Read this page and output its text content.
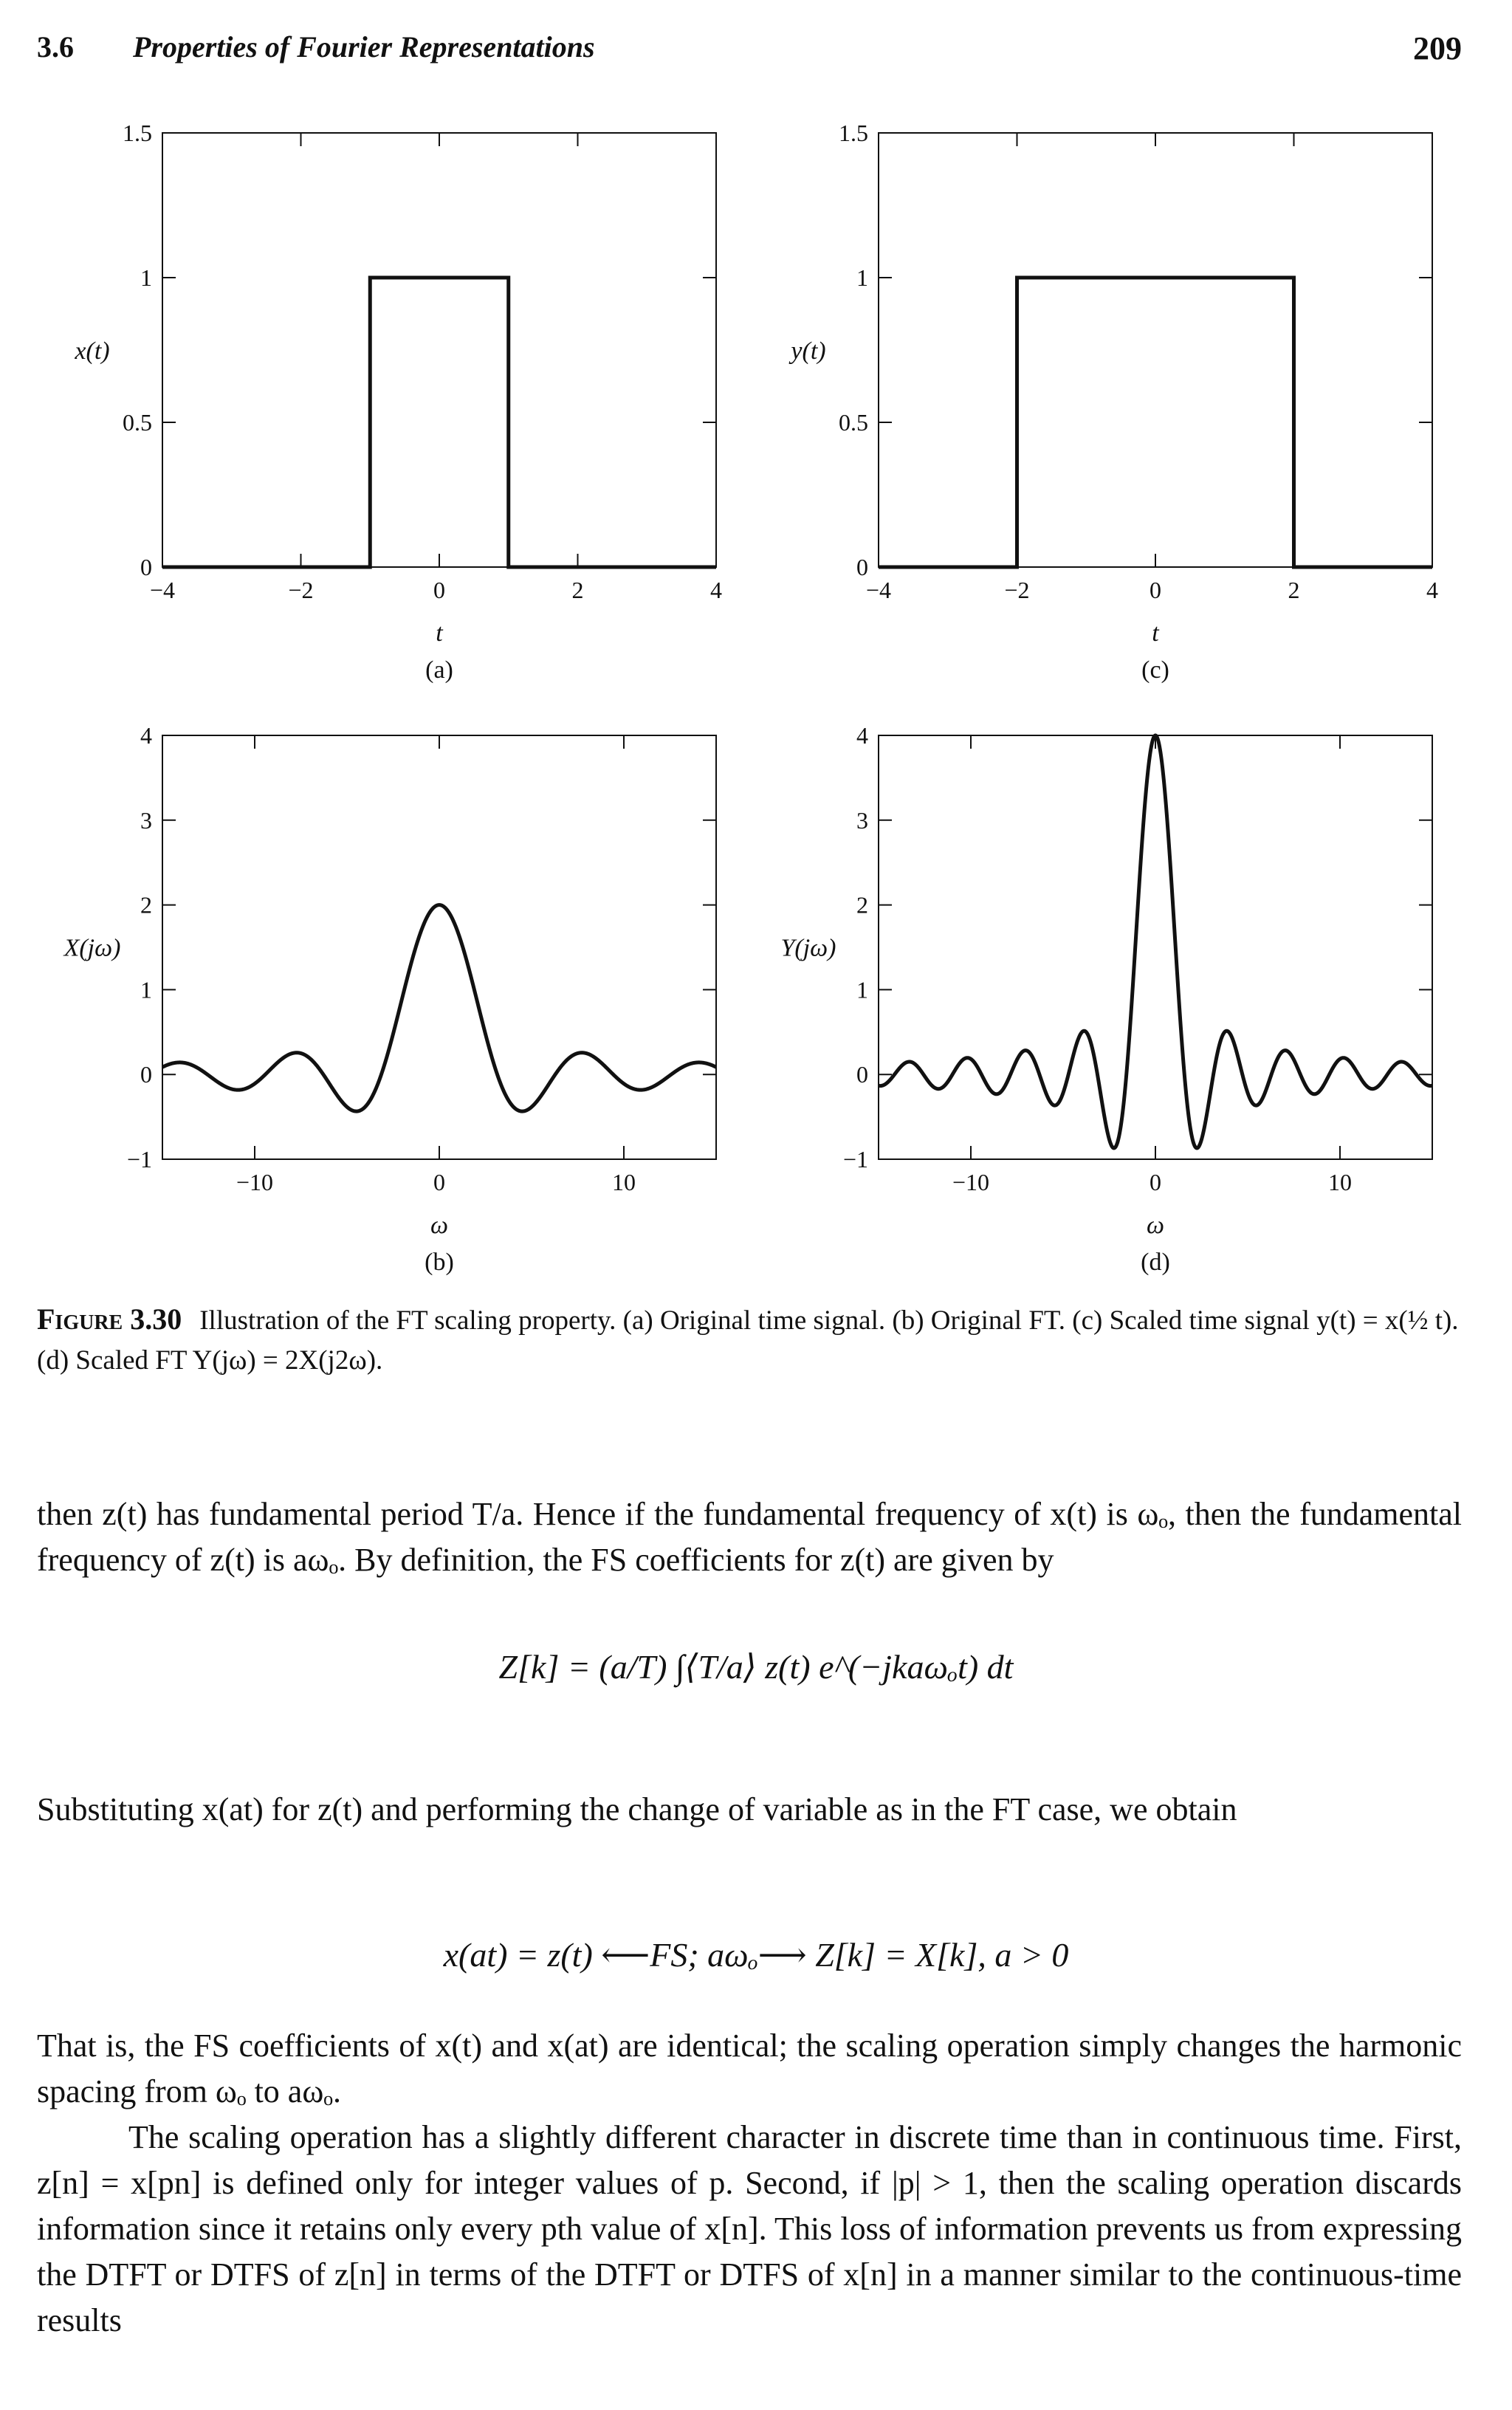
3.6 Properties of Fourier Representations	209
−4	−2	0	2	4
0
0.5
1
1.5
t
x(t)
(a)
−10	0	10
−1
0
1
2
3
4
ω
X(jω)
(b)
−4	−2	0	2	4
0
0.5
1
1.5
t
y(t)
(c)
−10	0	10
−1
0
1
2
3
4
ω
Y(jω)
(d)
Figure 3.30 Illustration of the FT scaling property. (a) Original time signal. (b) Original FT. (c) Scaled time signal y(t) = x(½ t). (d) Scaled FT Y(jω) = 2X(j2ω).

then z(t) has fundamental period T/a. Hence if the fundamental frequency of x(t) is ωₒ, then the fundamental frequency of z(t) is aωₒ. By definition, the FS coefficients for z(t) are given by

Z[k] = (a/T) ∫⟨T/a⟩ z(t) e^(−jkaωₒt) dt

Substituting x(at) for z(t) and performing the change of variable as in the FT case, we obtain

x(at) = z(t) ⟵FS; aωₒ⟶ Z[k] = X[k], a > 0

That is, the FS coefficients of x(t) and x(at) are identical; the scaling operation simply changes the harmonic spacing from ωₒ to aωₒ.

The scaling operation has a slightly different character in discrete time than in continuous time. First, z[n] = x[pn] is defined only for integer values of p. Second, if |p| > 1, then the scaling operation discards information since it retains only every pth value of x[n]. This loss of information prevents us from expressing the DTFT or DTFS of z[n] in terms of the DTFT or DTFS of x[n] in a manner similar to the continuous-time results
